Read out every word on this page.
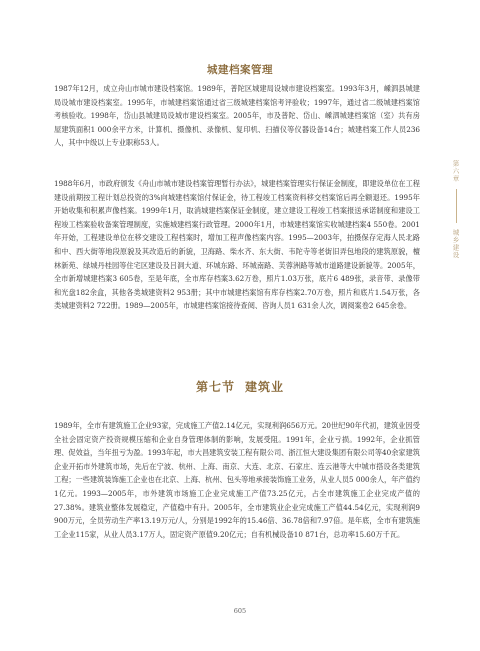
城建档案管理

1987年12月，成立舟山市城市建设档案馆。1989年，普陀区城建局设城市建设档案室。1993年3月，嵊泗县城建局设城市建设档案室。1995年，市城建档案馆通过省三级城建档案馆考评验收；1997年，通过省二级城建档案馆考核验收。1998年，岱山县城建局设城市建设档案室。2005年，市及普陀、岱山、嵊泗城建档案馆（室）共有房屋建筑面积1 000余平方米，计算机、摄像机、录像机、复印机、扫描仪等仪器设备14台；城建档案工作人员236人，其中中级以上专业职称53人。

1988年6月，市政府颁发《舟山市城市建设档案管理暂行办法》，城建档案管理实行保证金制度，即建设单位在工程建设前期按工程计划总投资的3%向城建档案馆付保证金，待工程竣工档案资料移交档案馆后再全额退还。1995年开始收集和积累声像档案。1999年1月，取消城建档案保证金制度，建立建设工程竣工档案报送承诺制度和建设工程竣工档案验收备案管理制度，实施城建档案行政管理。2000年1月，市城建档案馆实收城建档案4 550卷。2001年开始，工程建设单位在移交建设工程档案时，增加工程声像档案内容。1995—2003年，拍摄保存定海人民北路和中、西大街等地段原貌及其改造后的新貌，卫海路、柴水齐、东大街、韦陀寺等老街旧弄包地段的建筑原貌，檀林新苑、绿城丹桂园等住宅区建设及吕洞大道、环城东路、环城南路、芙蓉洲路等城市道路建设新貌等。2005年，全市新增城建档案3 605卷，至是年底，全市库存档案3.62万卷，照片1.03万张，底片6 489张，录音带、录像带和光盘182余盒，其他各类城建资料2 953册；其中市城建档案馆有库存档案2.70万卷，照片和底片1.54万张，各类城建资料2 722册。1989—2005年，市城建档案馆接待查阅、咨询人员1 631余人次，调阅案卷2 645余卷。

第七节 建筑业

1989年，全市有建筑施工企业93家，完成施工产值2.14亿元，实现利润656万元。20世纪90年代初，建筑业因受全社会固定资产投资规模压缩和企业自身管理体制的影响，发展受阻。1991年，企业亏损。1992年，企业抓管理、促效益，当年扭亏为盈。1993年起，市大昌建筑安装工程有限公司、浙江恒大建设集团有限公司等40余家建筑企业开拓市外建筑市场，先后在宁波、杭州、上海、南京、大连、北京、石家庄、连云港等大中城市搭设各类建筑工程；一些建筑装饰施工企业也在北京、上海、杭州、包头等地承接装饰施工业务，从业人员5 000余人，年产值约1亿元。1993—2005年，市外建筑市场施工企业完成施工产值73.25亿元，占全市建筑施工企业完成产值的27.38%。建筑业整体发展稳定，产值稳中有升。2005年，全市建筑业企业完成施工产值44.54亿元，实现利润9 900万元，全员劳动生产率13.19万元/人，分别是1992年的15.46倍、36.78倍和7.97倍。是年底，全市有建筑施工企业115家，从业人员3.17万人，固定资产原值9.20亿元；自有机械设备10 871台，总功率15.60万千瓦。

第六章
城乡建设
605
